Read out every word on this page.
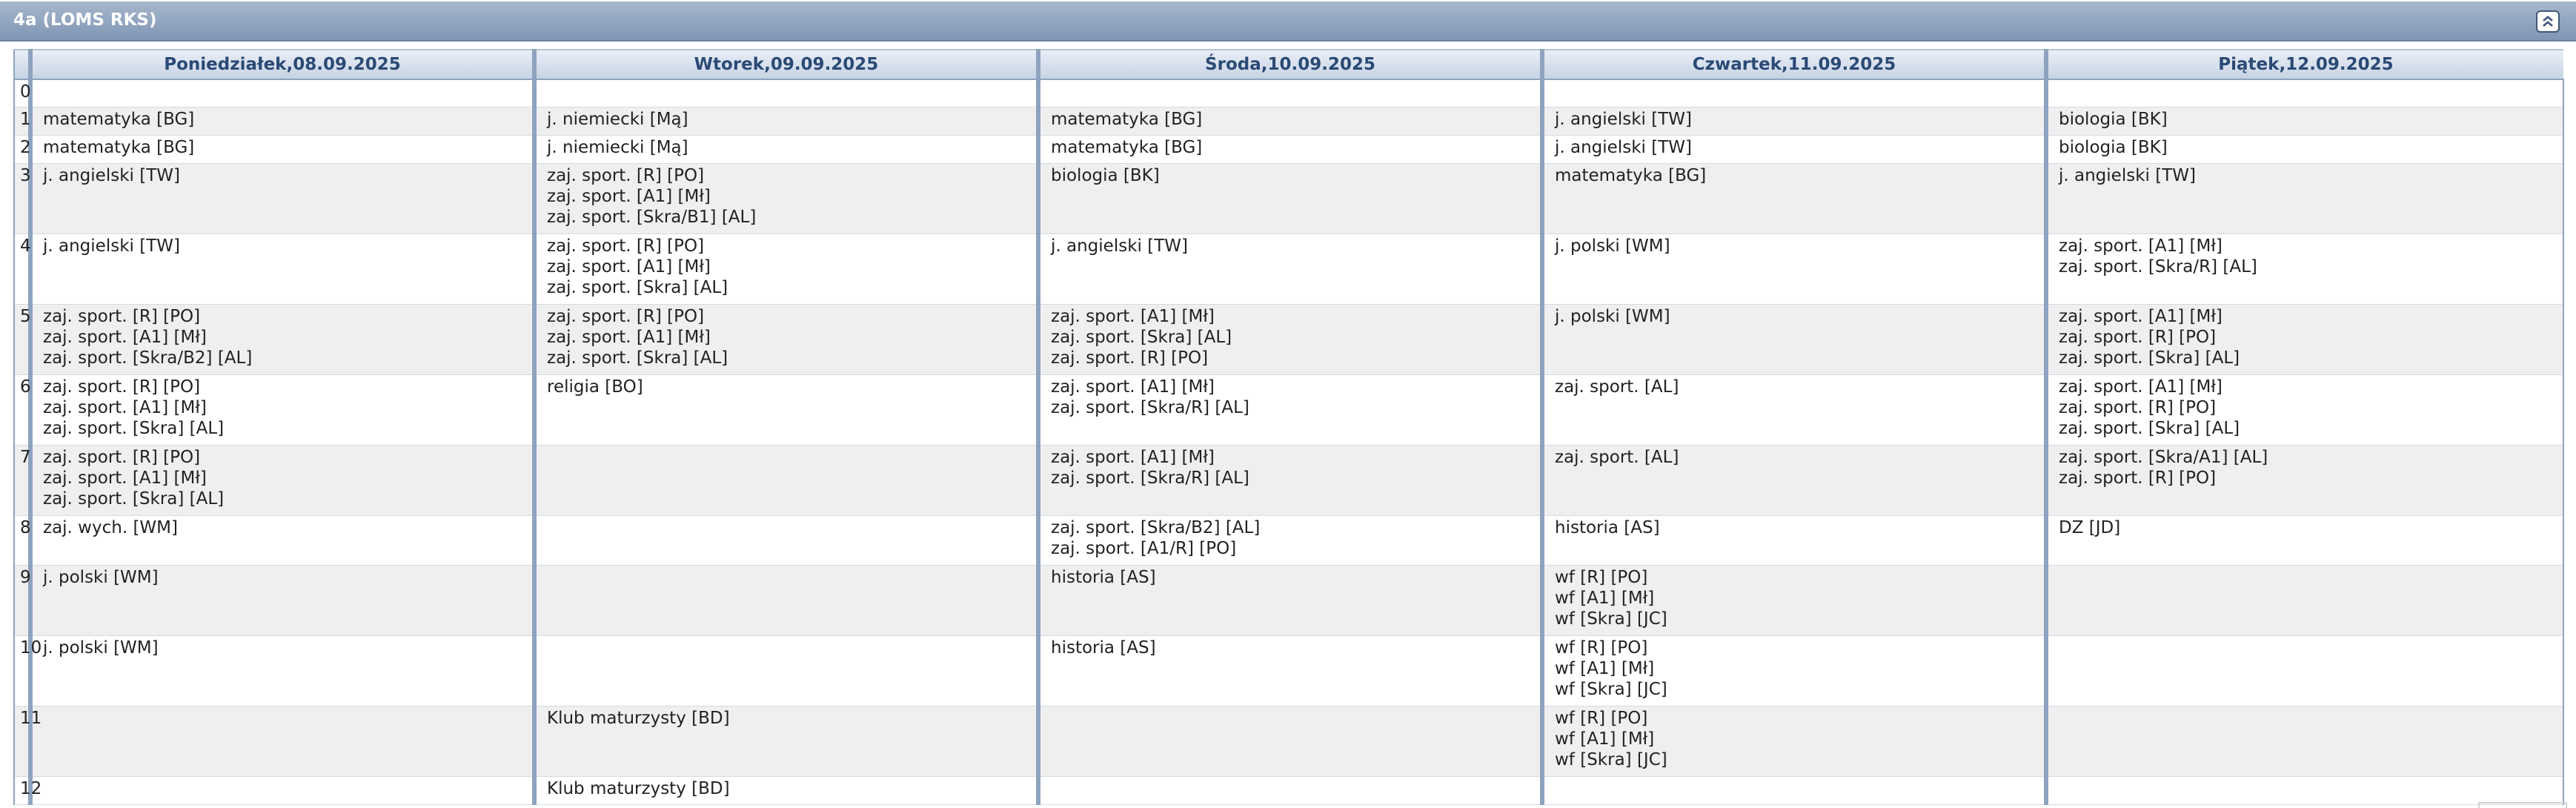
4a (LOMS RKS)
	Poniedziałek,08.09.2025	Wtorek,09.09.2025	Środa,10.09.2025	Czwartek,11.09.2025	Piątek,12.09.2025
0					
1	matematyka [BG]	j. niemiecki [Mą]	matematyka [BG]	j. angielski [TW]	biologia [BK]

2	matematyka [BG]	j. niemiecki [Mą]	matematyka [BG]	j. angielski [TW]	biologia [BK]

3	j. angielski [TW]	zaj. sport. [R] [PO]
zaj. sport. [A1] [Mł]
zaj. sport. [Skra/B1] [AL]	biologia [BK]	matematyka [BG]	j. angielski [TW]

4	j. angielski [TW]	zaj. sport. [R] [PO]
zaj. sport. [A1] [Mł]
zaj. sport. [Skra] [AL]	j. angielski [TW]	j. polski [WM]	zaj. sport. [A1] [Mł]
zaj. sport. [Skra/R] [AL]

5	zaj. sport. [R] [PO]
zaj. sport. [A1] [Mł]
zaj. sport. [Skra/B2] [AL]	zaj. sport. [R] [PO]
zaj. sport. [A1] [Mł]
zaj. sport. [Skra] [AL]	zaj. sport. [A1] [Mł]
zaj. sport. [Skra] [AL]
zaj. sport. [R] [PO]	j. polski [WM]	zaj. sport. [A1] [Mł]
zaj. sport. [R] [PO]
zaj. sport. [Skra] [AL]

6	zaj. sport. [R] [PO]
zaj. sport. [A1] [Mł]
zaj. sport. [Skra] [AL]	religia [BO]	zaj. sport. [A1] [Mł]
zaj. sport. [Skra/R] [AL]	zaj. sport. [AL]	zaj. sport. [A1] [Mł]
zaj. sport. [R] [PO]
zaj. sport. [Skra] [AL]

7	zaj. sport. [R] [PO]
zaj. sport. [A1] [Mł]
zaj. sport. [Skra] [AL]		zaj. sport. [A1] [Mł]
zaj. sport. [Skra/R] [AL]	zaj. sport. [AL]	zaj. sport. [Skra/A1] [AL]
zaj. sport. [R] [PO]

8	zaj. wych. [WM]		zaj. sport. [Skra/B2] [AL]
zaj. sport. [A1/R] [PO]	historia [AS]	DZ [JD]

9	j. polski [WM]		historia [AS]	wf [R] [PO]
wf [A1] [Mł]
wf [Skra] [JC]	

10	j. polski [WM]		historia [AS]	wf [R] [PO]
wf [A1] [Mł]
wf [Skra] [JC]	

11		Klub maturzysty [BD]		wf [R] [PO]
wf [A1] [Mł]
wf [Skra] [JC]	

12		Klub maturzysty [BD]			
